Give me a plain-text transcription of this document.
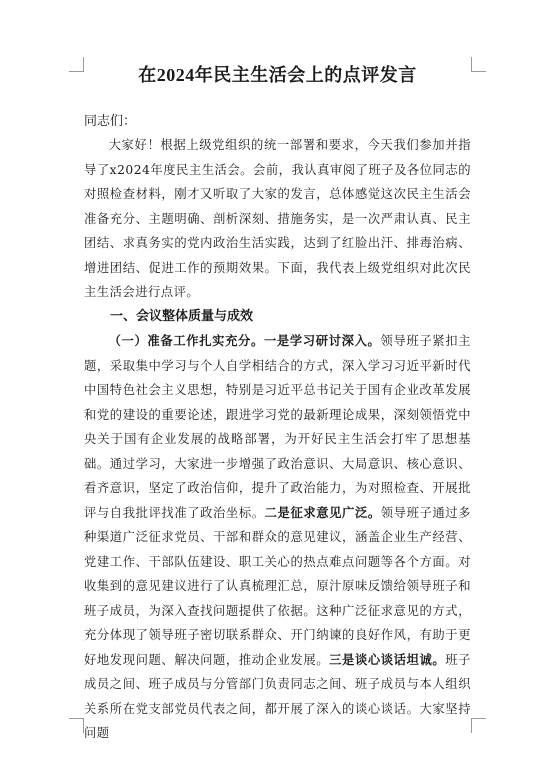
在2024年民主生活会上的点评发言

同志们：

大家好！根据上级党组织的统一部署和要求，今天我们参加并指导了x2024年度民主生活会。会前，我认真审阅了班子及各位同志的对照检查材料，刚才又听取了大家的发言，总体感觉这次民主生活会准备充分、主题明确、剖析深刻、措施务实，是一次严肃认真、民主团结、求真务实的党内政治生活实践，达到了红脸出汗、排毒治病、增进团结、促进工作的预期效果。下面，我代表上级党组织对此次民主生活会进行点评。

一、会议整体质量与成效

（一）准备工作扎实充分。一是学习研讨深入。领导班子紧扣主题，采取集中学习与个人自学相结合的方式，深入学习习近平新时代中国特色社会主义思想，特别是习近平总书记关于国有企业改革发展和党的建设的重要论述，跟进学习党的最新理论成果，深刻领悟党中央关于国有企业发展的战略部署，为开好民主生活会打牢了思想基础。通过学习，大家进一步增强了政治意识、大局意识、核心意识、看齐意识，坚定了政治信仰，提升了政治能力，为对照检查、开展批评与自我批评找准了政治坐标。二是征求意见广泛。领导班子通过多种渠道广泛征求党员、干部和群众的意见建议，涵盖企业生产经营、党建工作、干部队伍建设、职工关心的热点难点问题等各个方面。对收集到的意见建议进行了认真梳理汇总，原汁原味反馈给领导班子和班子成员，为深入查找问题提供了依据。这种广泛征求意见的方式，充分体现了领导班子密切联系群众、开门纳谏的良好作风，有助于更好地发现问题、解决问题，推动企业发展。三是谈心谈话坦诚。班子成员之间、班子成员与分管部门负责同志之间、班子成员与本人组织关系所在党支部党员代表之间，都开展了深入的谈心谈话。大家坚持问题
